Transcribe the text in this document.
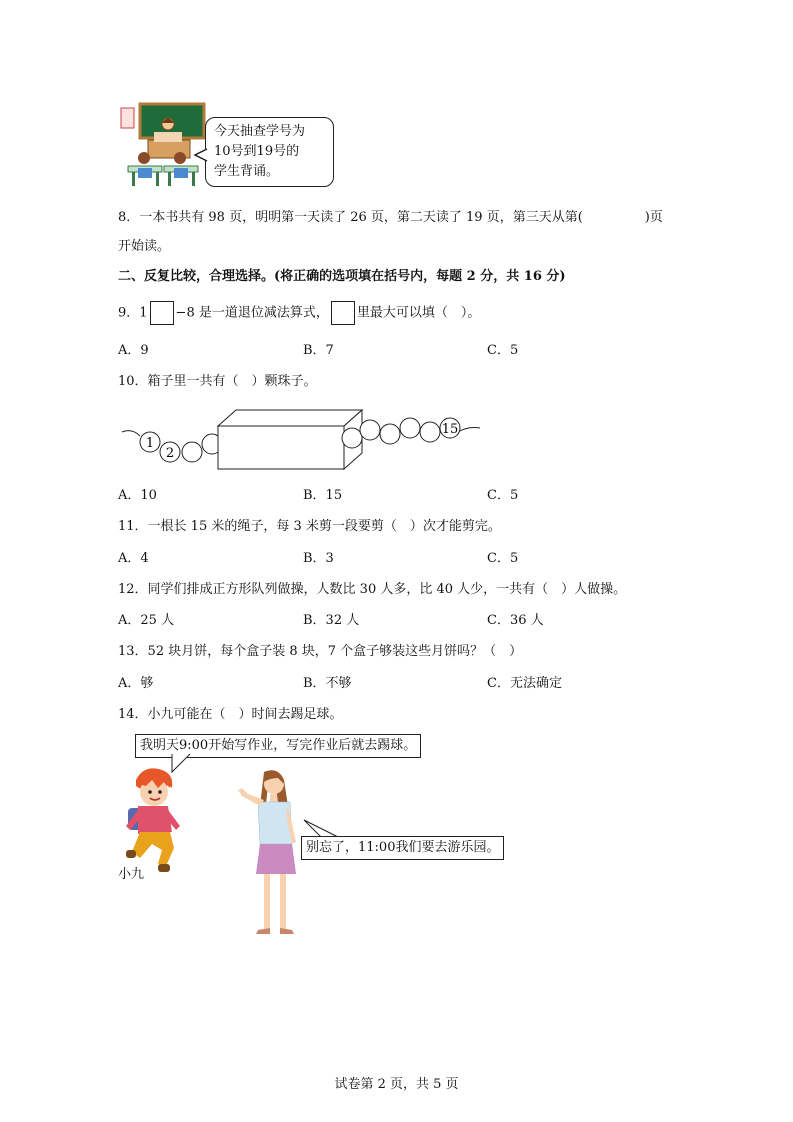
今天抽查学号为
10号到19号的
学生背诵。
8．一本书共有 98 页，明明第一天读了 26 页，第二天读了 19 页，第三天从第(	)页
开始读。
二、反复比较，合理选择。(将正确的选项填在括号内，每题 2 分，共 16 分)
9．1 −8 是一道退位减法算式， 里最大可以填（　）。
A．9	B．7	C．5
10．箱子里一共有（　）颗珠子。
1
2
15
A．10	B．15	C．5
11．一根长 15 米的绳子，每 3 米剪一段要剪（　）次才能剪完。
A．4	B．3	C．5
12．同学们排成正方形队列做操，人数比 30 人多，比 40 人少，一共有（　）人做操。
A．25 人	B．32 人	C．36 人
13．52 块月饼，每个盒子装 8 块，7 个盒子够装这些月饼吗？（　）
A．够	B．不够	C．无法确定
14．小九可能在（　）时间去踢足球。
我明天9:00开始写作业，写完作业后就去踢球。
小九
别忘了，11:00我们要去游乐园。
试卷第 2 页，共 5 页
